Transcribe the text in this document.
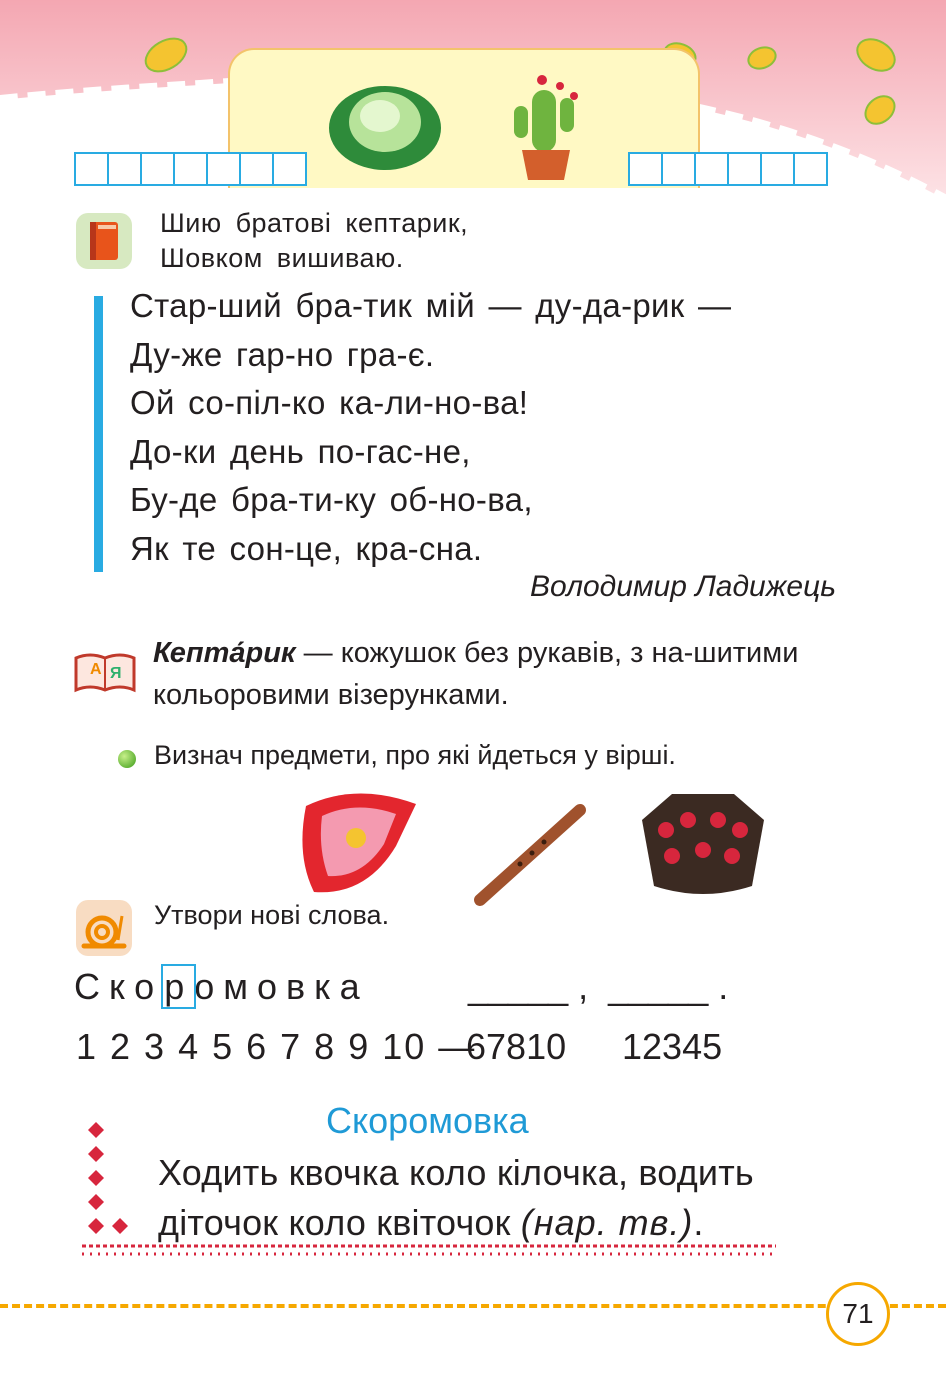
Шию братові кептарик,
Шовком вишиваю.
Стар-ший бра-тик мій — ду-да-рик —
Ду-же гар-но гра-є.
Ой со-піл-ко ка-ли-но-ва!
До-ки день по-гас-не,
Бу-де бра-ти-ку об-но-ва,
Як те сон-це, кра-сна.
Володимир Ладижець
А Я
Кепта́рик — кожушок без рукавів, з на-шитими кольоровими візерунками.
Визнач предмети, про які йдеться у вірші.
Утвори нові слова.
Скоромовка	_____ ,  _____ .
1 2 3 4 5 6 7 8 9 10 —
67810 12345
Скоромовка
Ходить квочка коло кілочка, водить діточок коло квіточок (нар. тв.).
71
